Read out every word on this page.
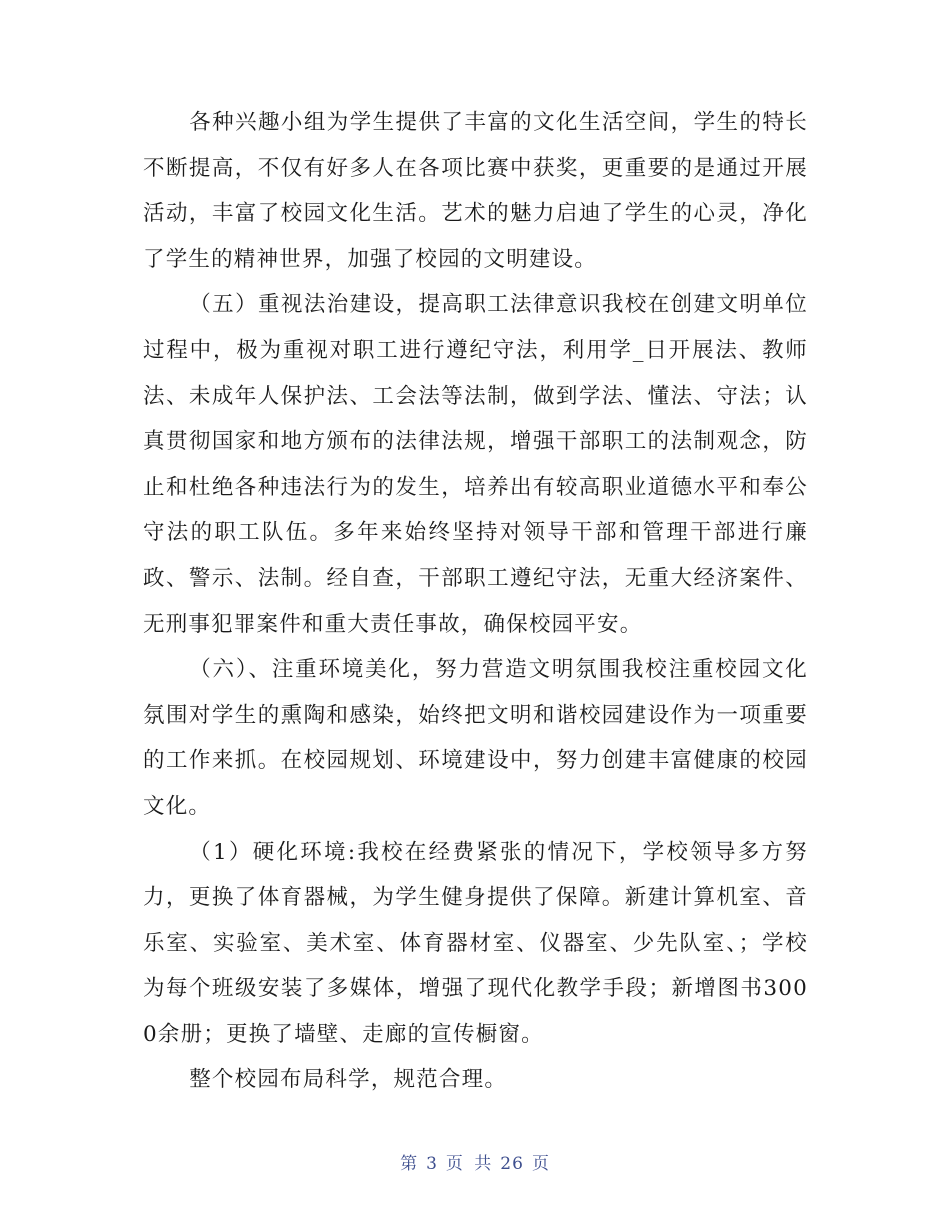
各种兴趣小组为学生提供了丰富的文化生活空间，学生的特长不断提高，不仅有好多人在各项比赛中获奖，更重要的是通过开展活动，丰富了校园文化生活。艺术的魅力启迪了学生的心灵，净化了学生的精神世界，加强了校园的文明建设。

（五）重视法治建设，提高职工法律意识我校在创建文明单位过程中，极为重视对职工进行遵纪守法，利用学_日开展法、教师法、未成年人保护法、工会法等法制，做到学法、懂法、守法；认真贯彻国家和地方颁布的法律法规，增强干部职工的法制观念，防止和杜绝各种违法行为的发生，培养出有较高职业道德水平和奉公守法的职工队伍。多年来始终坚持对领导干部和管理干部进行廉政、警示、法制。经自查，干部职工遵纪守法，无重大经济案件、无刑事犯罪案件和重大责任事故，确保校园平安。

（六）、注重环境美化，努力营造文明氛围我校注重校园文化氛围对学生的熏陶和感染，始终把文明和谐校园建设作为一项重要的工作来抓。在校园规划、环境建设中，努力创建丰富健康的校园文化。

（1）硬化环境:我校在经费紧张的情况下，学校领导多方努力，更换了体育器械，为学生健身提供了保障。新建计算机室、音乐室、实验室、美术室、体育器材室、仪器室、少先队室、；学校为每个班级安装了多媒体，增强了现代化教学手段；新增图书3000余册；更换了墙壁、走廊的宣传橱窗。

整个校园布局科学，规范合理。

第 3 页 共 26 页
